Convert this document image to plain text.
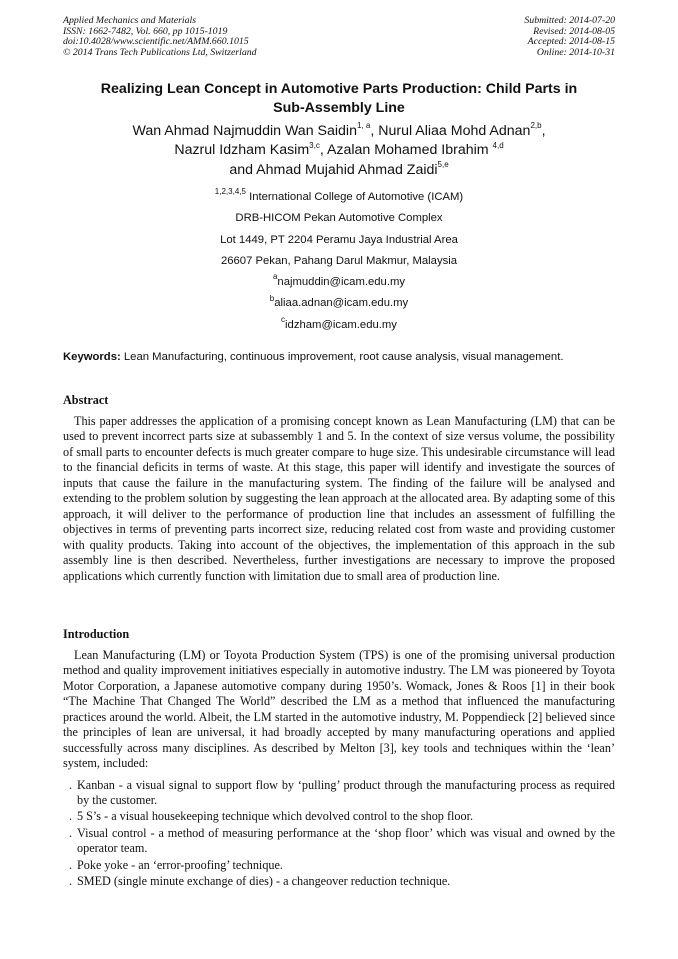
Applied Mechanics and Materials
ISSN: 1662-7482, Vol. 660, pp 1015-1019
doi:10.4028/www.scientific.net/AMM.660.1015
© 2014 Trans Tech Publications Ltd, Switzerland
Submitted: 2014-07-20
Revised: 2014-08-05
Accepted: 2014-08-15
Online: 2014-10-31
Realizing Lean Concept in Automotive Parts Production: Child Parts in
Sub-Assembly Line
Wan Ahmad Najmuddin Wan Saidin$^{1, a}$, Nurul Aliaa Mohd Adnan$^{2,b}$,
Nazrul Idzham Kasim$^{3,c}$, Azalan Mohamed Ibrahim $^{4,d}$
and Ahmad Mujahid Ahmad Zaidi$^{5,e}$
$^{1,2,3,4,5}$ International College of Automotive (ICAM)
DRB-HICOM Pekan Automotive Complex
Lot 1449, PT 2204 Peramu Jaya Industrial Area
26607 Pekan, Pahang Darul Makmur, Malaysia
$^a$najmuddin@icam.edu.my
$^b$aliaa.adnan@icam.edu.my
$^c$idzham@icam.edu.my
Keywords: Lean Manufacturing, continuous improvement, root cause analysis, visual management.
Abstract

This paper addresses the application of a promising concept known as Lean Manufacturing (LM) that can be used to prevent incorrect parts size at subassembly 1 and 5. In the context of size versus volume, the possibility of small parts to encounter defects is much greater compare to huge size. This undesirable circumstance will lead to the financial deficits in terms of waste. At this stage, this paper will identify and investigate the sources of inputs that cause the failure in the manufacturing system. The finding of the failure will be analysed and extending to the problem solution by suggesting the lean approach at the allocated area. By adapting some of this approach, it will deliver to the performance of production line that includes an assessment of fulfilling the objectives in terms of preventing parts incorrect size, reducing related cost from waste and providing customer with quality products. Taking into account of the objectives, the implementation of this approach in the sub assembly line is then described. Nevertheless, further investigations are necessary to improve the proposed applications which currently function with limitation due to small area of production line.

Introduction

Lean Manufacturing (LM) or Toyota Production System (TPS) is one of the promising universal production method and quality improvement initiatives especially in automotive industry. The LM was pioneered by Toyota Motor Corporation, a Japanese automotive company during 1950’s. Womack, Jones & Roos [1] in their book “The Machine That Changed The World” described the LM as a method that influenced the manufacturing practices around the world. Albeit, the LM started in the automotive industry, M. Poppendieck [2] believed since the principles of lean are universal, it had broadly accepted by many manufacturing operations and applied successfully across many disciplines. As described by Melton [3], key tools and techniques within the ‘lean’ system, included:

. Kanban - a visual signal to support flow by ‘pulling’ product through the manufacturing process as required by the customer.
. 5 S’s - a visual housekeeping technique which devolved control to the shop floor.
. Visual control - a method of measuring performance at the ‘shop floor’ which was visual and owned by the operator team.
. Poke yoke - an ‘error-proofing’ technique.
. SMED (single minute exchange of dies) - a changeover reduction technique.
